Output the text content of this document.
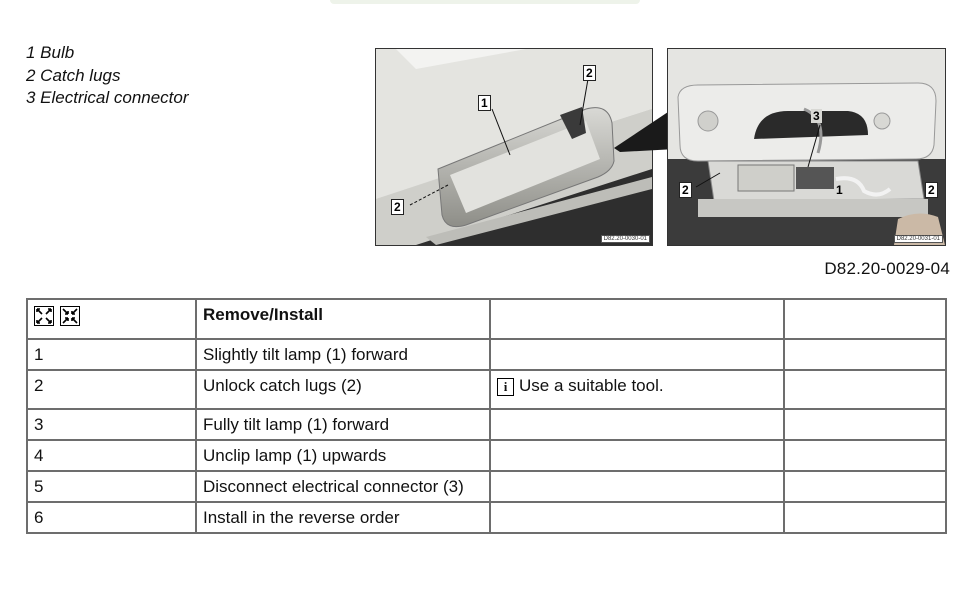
1 Bulb
2 Catch lugs
3 Electrical connector	1
2
2
D82.20-0030-01
2
3
2
1
D82.20-0031-01
D82.20-0029-04
	Remove/Install		
1	Slightly tilt lamp (1) forward		
2	Unlock catch lugs (2)	i Use a suitable tool.	
3	Fully tilt lamp (1) forward		
4	Unclip lamp (1) upwards		
5	Disconnect electrical connector (3)		
6	Install in the reverse order		
